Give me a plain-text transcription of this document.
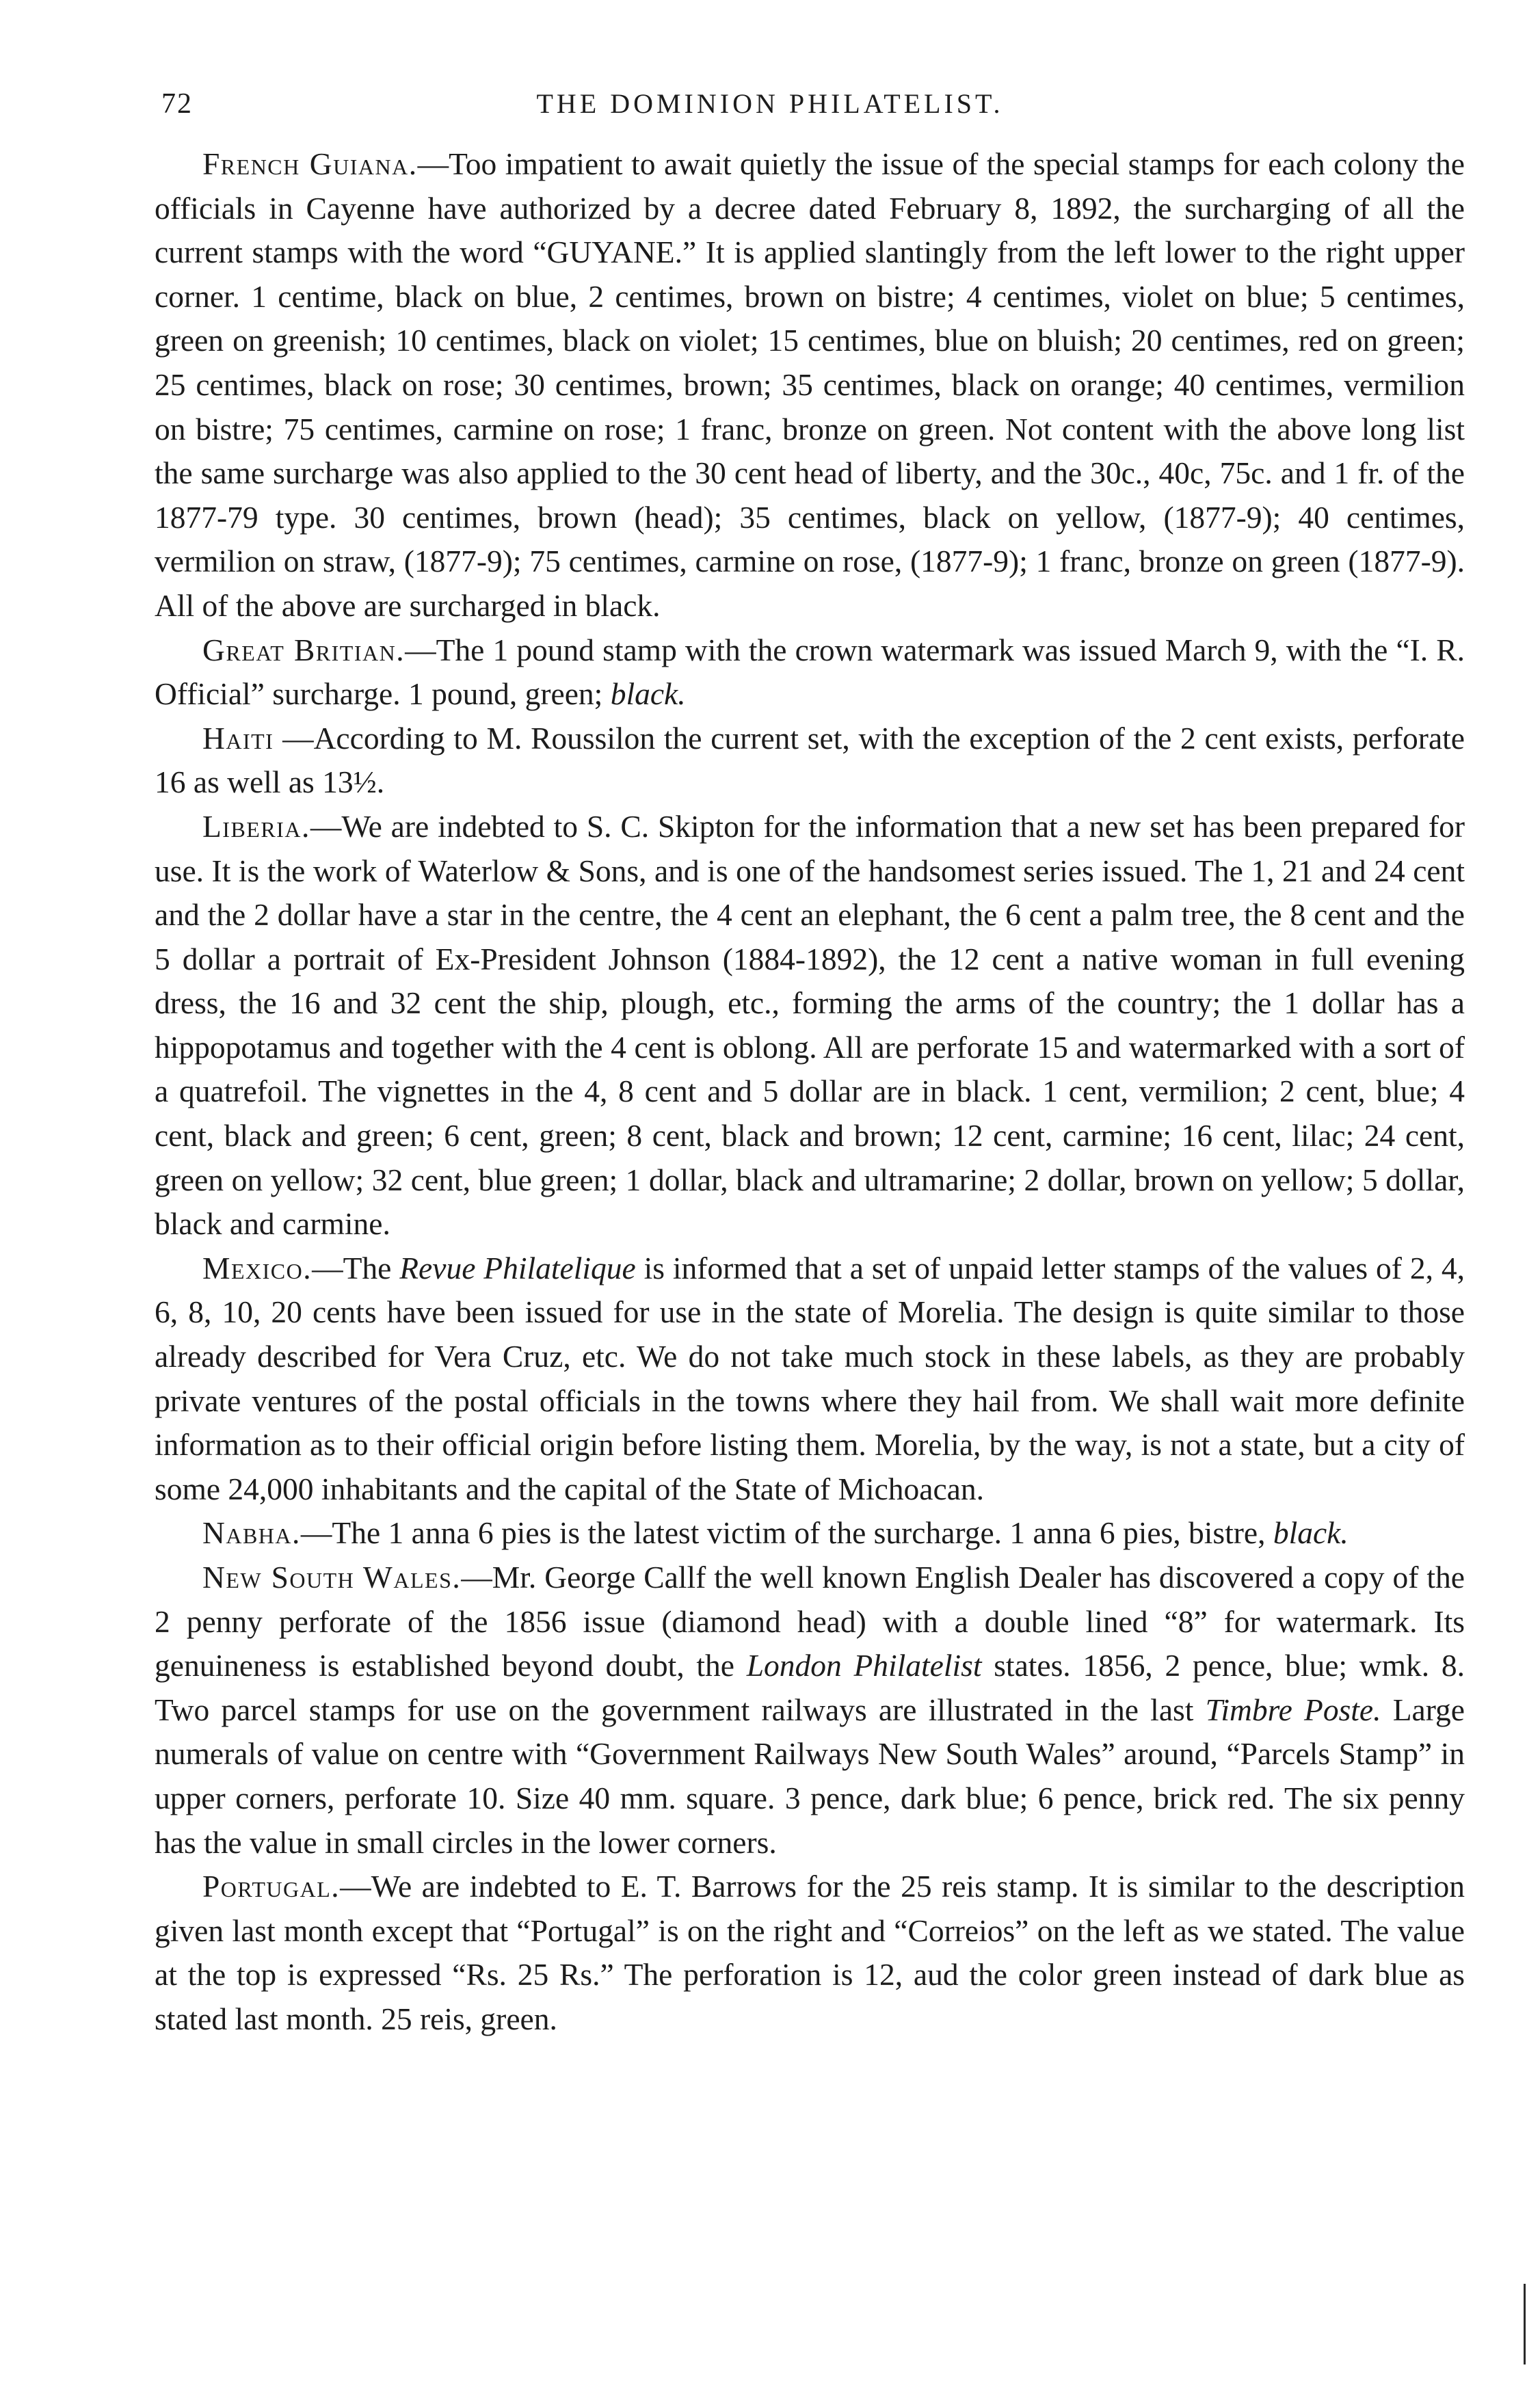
72	THE DOMINION PHILATELIST.

French Guiana.—Too impatient to await quietly the issue of the special stamps for each colony the officials in Cayenne have authorized by a decree dated February 8, 1892, the surcharging of all the current stamps with the word “GUYANE.” It is applied slantingly from the left lower to the right upper corner. 1 centime, black on blue, 2 centimes, brown on bistre; 4 centimes, violet on blue; 5 centimes, green on greenish; 10 centimes, black on violet; 15 centimes, blue on bluish; 20 centimes, red on green; 25 centimes, black on rose; 30 centimes, brown; 35 centimes, black on orange; 40 centimes, vermilion on bistre; 75 centimes, carmine on rose; 1 franc, bronze on green. Not content with the above long list the same surcharge was also applied to the 30 cent head of liberty, and the 30c., 40c, 75c. and 1 fr. of the 1877-79 type. 30 centimes, brown (head); 35 centimes, black on yellow, (1877-9); 40 centimes, vermilion on straw, (1877-9); 75 centimes, carmine on rose, (1877-9); 1 franc, bronze on green (1877-9). All of the above are surcharged in black.

Great Britian.—The 1 pound stamp with the crown watermark was issued March 9, with the “I. R. Official” surcharge. 1 pound, green; black.

Haiti —According to M. Roussilon the current set, with the exception of the 2 cent exists, perforate 16 as well as 13½.

Liberia.—We are indebted to S. C. Skipton for the information that a new set has been prepared for use. It is the work of Waterlow & Sons, and is one of the handsomest series issued. The 1, 21 and 24 cent and the 2 dollar have a star in the centre, the 4 cent an elephant, the 6 cent a palm tree, the 8 cent and the 5 dollar a portrait of Ex-President Johnson (1884-1892), the 12 cent a native woman in full evening dress, the 16 and 32 cent the ship, plough, etc., forming the arms of the country; the 1 dollar has a hippopotamus and together with the 4 cent is oblong. All are perforate 15 and watermarked with a sort of a quatrefoil. The vignettes in the 4, 8 cent and 5 dollar are in black. 1 cent, vermilion; 2 cent, blue; 4 cent, black and green; 6 cent, green; 8 cent, black and brown; 12 cent, carmine; 16 cent, lilac; 24 cent, green on yellow; 32 cent, blue green; 1 dollar, black and ultramarine; 2 dollar, brown on yellow; 5 dollar, black and carmine.

Mexico.—The Revue Philatelique is informed that a set of unpaid letter stamps of the values of 2, 4, 6, 8, 10, 20 cents have been issued for use in the state of Morelia. The design is quite similar to those already described for Vera Cruz, etc. We do not take much stock in these labels, as they are probably private ventures of the postal officials in the towns where they hail from. We shall wait more definite information as to their official origin before listing them. Morelia, by the way, is not a state, but a city of some 24,000 inhabitants and the capital of the State of Michoacan.

Nabha.—The 1 anna 6 pies is the latest victim of the surcharge. 1 anna 6 pies, bistre, black.

New South Wales.—Mr. George Callf the well known English Dealer has discovered a copy of the 2 penny perforate of the 1856 issue (diamond head) with a double lined “8” for watermark. Its genuineness is established beyond doubt, the London Philatelist states. 1856, 2 pence, blue; wmk. 8. Two parcel stamps for use on the government railways are illustrated in the last Timbre Poste. Large numerals of value on centre with “Government Railways New South Wales” around, “Parcels Stamp” in upper corners, perforate 10. Size 40 mm. square. 3 pence, dark blue; 6 pence, brick red. The six penny has the value in small circles in the lower corners.

Portugal.—We are indebted to E. T. Barrows for the 25 reis stamp. It is similar to the description given last month except that “Portugal” is on the right and “Correios” on the left as we stated. The value at the top is expressed “Rs. 25 Rs.” The perforation is 12, aud the color green instead of dark blue as stated last month. 25 reis, green.
